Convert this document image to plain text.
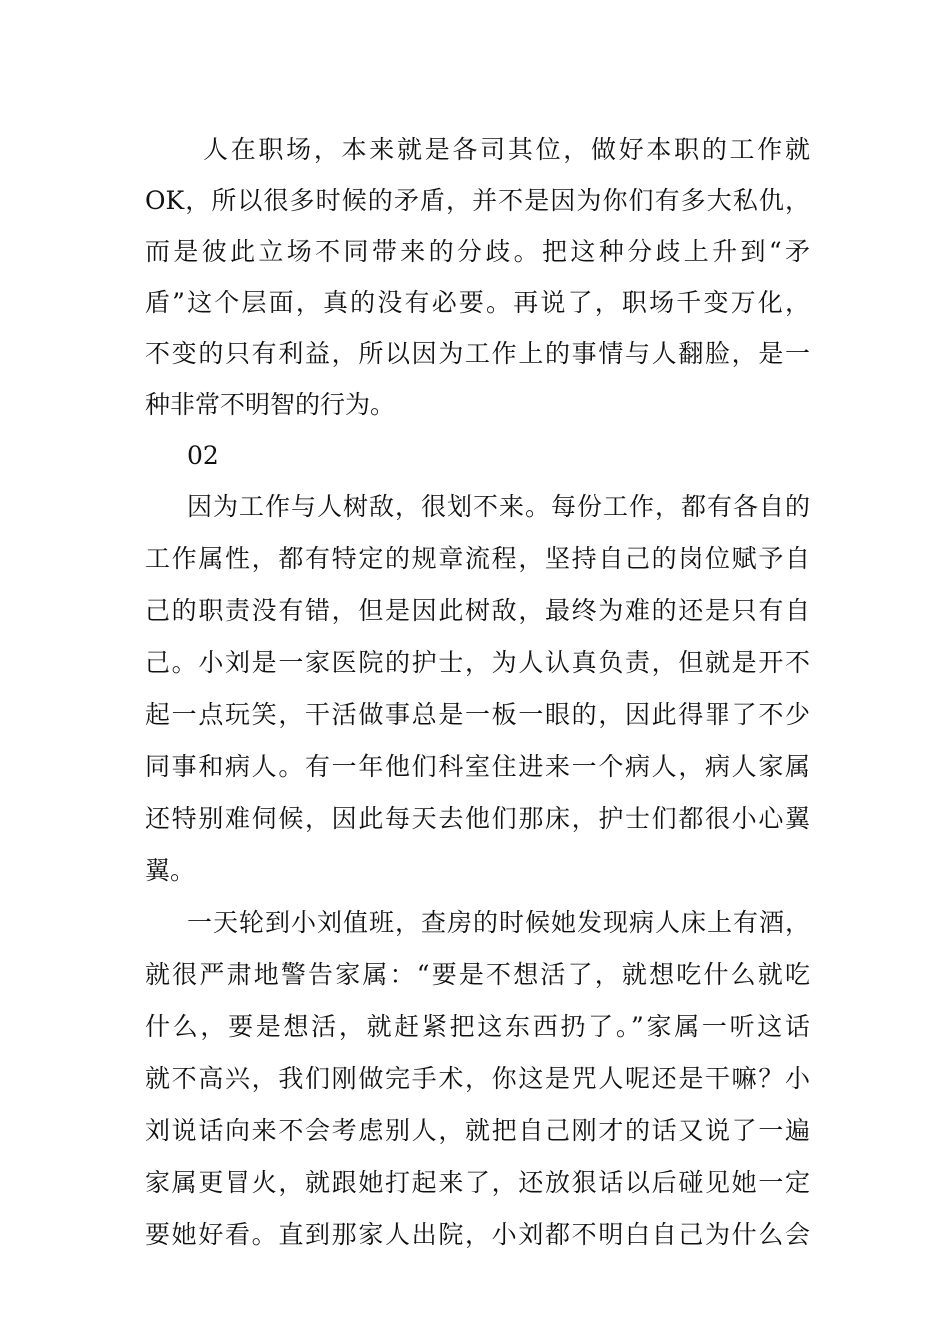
人在职场，本来就是各司其位，做好本职的工作就
OK，所以很多时候的矛盾，并不是因为你们有多大私仇，
而是彼此立场不同带来的分歧。把这种分歧上升到“矛
盾”这个层面，真的没有必要。再说了，职场千变万化，
不变的只有利益，所以因为工作上的事情与人翻脸，是一
种非常不明智的行为。
02
因为工作与人树敌，很划不来。每份工作，都有各自的
工作属性，都有特定的规章流程，坚持自己的岗位赋予自
己的职责没有错，但是因此树敌，最终为难的还是只有自
己。小刘是一家医院的护士，为人认真负责，但就是开不
起一点玩笑，干活做事总是一板一眼的，因此得罪了不少
同事和病人。有一年他们科室住进来一个病人，病人家属
还特别难伺候，因此每天去他们那床，护士们都很小心翼
翼。
一天轮到小刘值班，查房的时候她发现病人床上有酒，
就很严肃地警告家属：“要是不想活了，就想吃什么就吃
什么，要是想活，就赶紧把这东西扔了。”家属一听这话
就不高兴，我们刚做完手术，你这是咒人呢还是干嘛？小
刘说话向来不会考虑别人，就把自己刚才的话又说了一遍
家属更冒火，就跟她打起来了，还放狠话以后碰见她一定
要她好看。直到那家人出院，小刘都不明白自己为什么会
